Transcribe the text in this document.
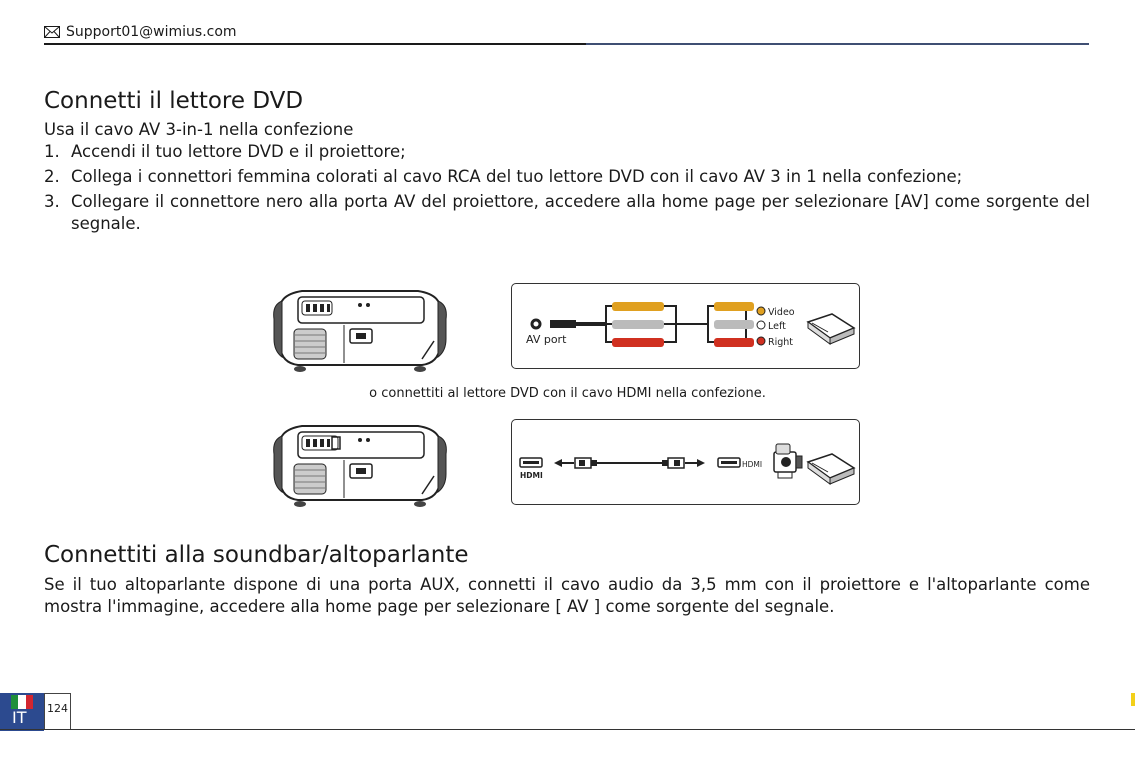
Support01@wimius.com
Connetti il lettore DVD
Usa il cavo AV 3-in-1 nella confezione
1. Accendi il tuo lettore DVD e il proiettore;
2. Collega i connettori femmina colorati al cavo RCA del tuo lettore DVD con il cavo AV 3 in 1 nella confezione;
3. Collegare il connettore nero alla porta AV del proiettore, accedere alla home page per selezionare [AV] come sorgente del segnale.
AV port
Video
Left
Right
o connettiti al lettore DVD con il cavo HDMI nella confezione.
HDMI
HDMI
Connettiti alla soundbar/altoparlante
Se il tuo altoparlante dispone di una porta AUX, connetti il cavo audio da 3,5 mm con il proiettore e l'altoparlante come mostra l'immagine, accedere alla home page per selezionare [ AV ] come sorgente del segnale.
IT 124
